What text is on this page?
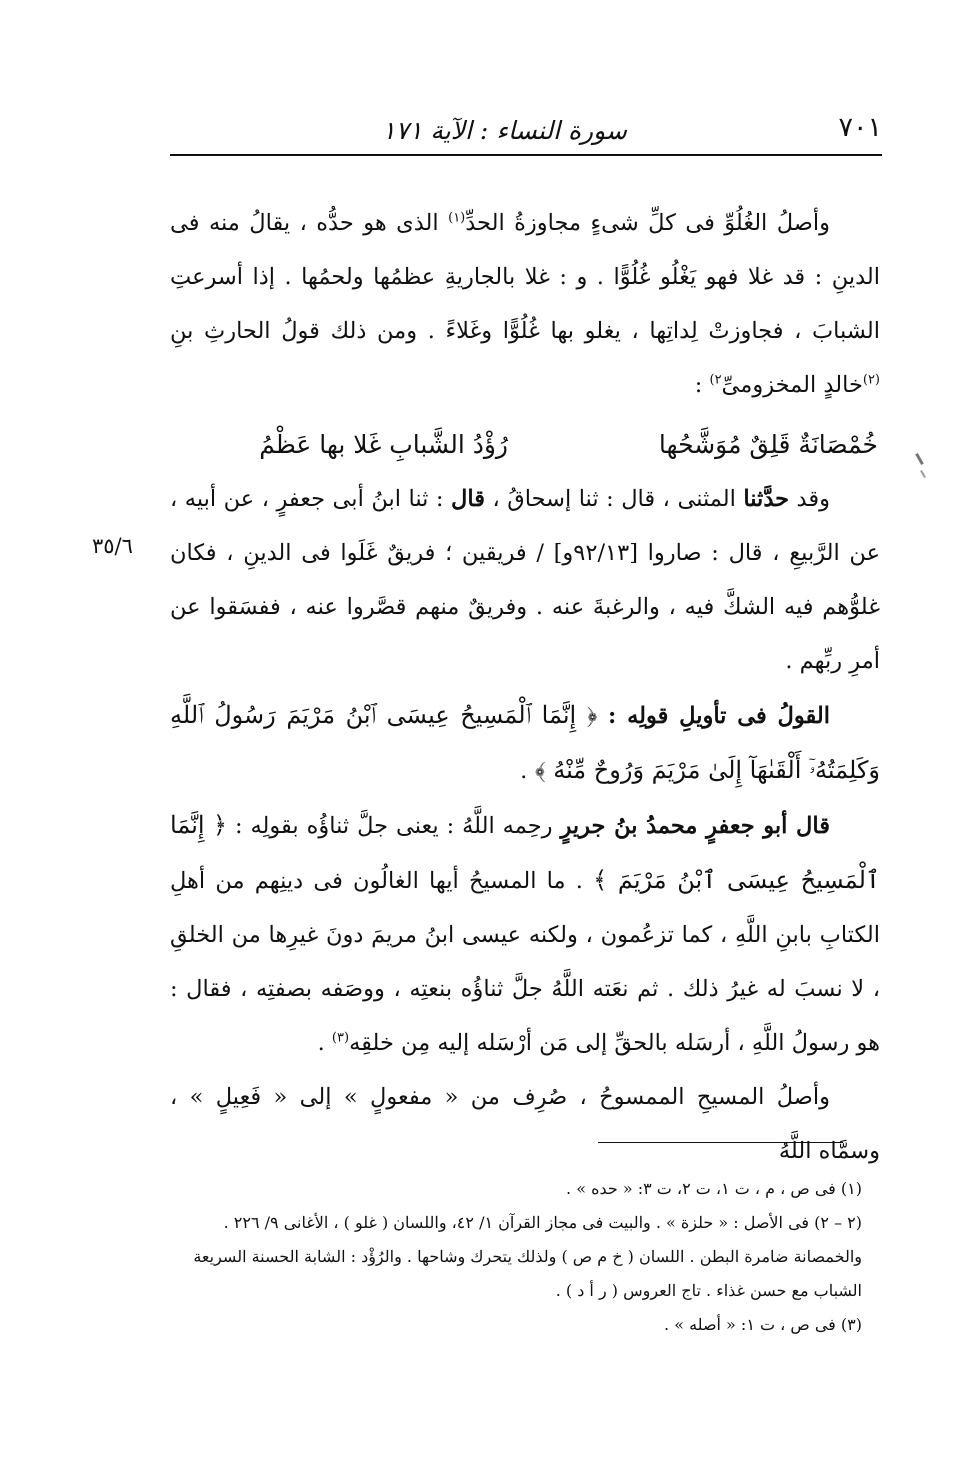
٧٠١
سورة النساء : الآية ١٧١

وأصلُ الغُلُوِّ فى كلِّ شىءٍ مجاوزةُ الحدِّ$^{(١)}$ الذى هو حدُّه ، يقالُ منه فى الدينِ : قد غلا فهو يَغْلُو غُلُوًّا . و : غلا بالجاريةِ عظمُها ولحمُها . إذا أسرعتِ الشبابَ ، فجاوزتْ لِداتِها ، يغلو بها غُلُوًّا وغَلاءً . ومن ذلك قولُ الحارثِ بنِ $^{(٢)}$خالدٍ المخزومىِّ$^{٢)}$ :

خُمْصَانَةٌ قَلِقٌ مُوَشَّحُها
رُؤْدُ الشَّبابِ غَلا بها عَظْمُ

وقد حدَّثنا المثنى ، قال : ثنا إسحاقُ ، قال : ثنا ابنُ أبى جعفرٍ ، عن أبيه ، عن الرَّبيعِ ، قال : صاروا [٩٢/١٣و] / فريقين ؛ فريقٌ غَلَوا فى الدينِ ، فكان غلوُّهم فيه الشكَّ فيه ، والرغبةَ عنه . وفريقٌ منهم قصَّروا عنه ، ففسَقوا عن أمرِ ربِّهم .

القولُ فى تأويلِ قولِه : ﴿ إِنَّمَا ٱلْمَسِيحُ عِيسَى ٱبْنُ مَرْيَمَ رَسُولُ ٱللَّهِ وَكَلِمَتُهُۥٓ أَلْقَىٰهَآ إِلَىٰ مَرْيَمَ وَرُوحٌ مِّنْهُ ﴾ .

قال أبو جعفرٍ محمدُ بنُ جريرٍ رحِمه اللَّهُ : يعنى جلَّ ثناؤُه بقولِه : ﴿ إِنَّمَا ٱلْمَسِيحُ عِيسَى ٱبْنُ مَرْيَمَ ﴾ . ما المسيحُ أيها الغالُون فى دينِهم من أهلِ الكتابِ بابنِ اللَّهِ ، كما تزعُمون ، ولكنه عيسى ابنُ مريمَ دونَ غيرِها من الخلقِ ، لا نسبَ له غيرُ ذلك . ثم نعَته اللَّهُ جلَّ ثناؤُه بنعتِه ، ووصَفه بصفتِه ، فقال : هو رسولُ اللَّهِ ، أرسَله بالحقِّ إلى مَن أرْسَله إليه مِن خلقِه$^{(٣)}$ .

وأصلُ المسيحِ الممسوحُ ، صُرِف من « مفعولٍ » إلى « فَعِيلٍ » ، وسمَّاه اللَّهُ

٣٥/٦

(١) فى ص ، م ، ت ١، ت ٢، ت ٣: « حده » .

(٢ – ٢) فى الأصل : « حلزة » . والبيت فى مجاز القرآن ١/ ٤٢، واللسان ( غلو ) ، الأغانى ٩/ ٢٢٦ .

والخمصانة ضامرة البطن . اللسان ( خ م ص ) ولذلك يتحرك وشاحها . والرُؤْد : الشابة الحسنة السريعة الشباب مع حسن غذاء . تاج العروس ( ر أ د ) .

(٣) فى ص ، ت ١: « أصله » .
